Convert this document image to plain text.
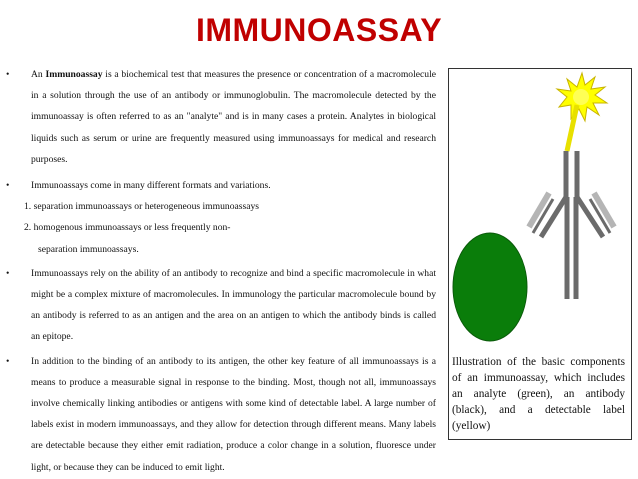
IMMUNOASSAY
• An Immunoassay is a biochemical test that measures the presence or concentration of a macromolecule in a solution through the use of an antibody or immunoglobulin. The macromolecule detected by the immunoassay is often referred to as an "analyte" and is in many cases a protein. Analytes in biological liquids such as serum or urine are frequently measured using immunoassays for medical and research purposes.
• Immunoassays come in many different formats and variations.
1. separation immunoassays or heterogeneous immunoassays
2. homogenous immunoassays or less frequently non-
separation immunoassays.
• Immunoassays rely on the ability of an antibody to recognize and bind a specific macromolecule in what might be a complex mixture of macromolecules. In immunology the particular macromolecule bound by an antibody is referred to as an antigen and the area on an antigen to which the antibody binds is called an epitope.
• In addition to the binding of an antibody to its antigen, the other key feature of all immunoassays is a means to produce a measurable signal in response to the binding. Most, though not all, immunoassays involve chemically linking antibodies or antigens with some kind of detectable label. A large number of labels exist in modern immunoassays, and they allow for detection through different means. Many labels are detectable because they either emit radiation, produce a color change in a solution, fluoresce under light, or because they can be induced to emit light.
Illustration of the basic components of an immunoassay, which includes an analyte (green), an antibody (black), and a detectable label (yellow)
